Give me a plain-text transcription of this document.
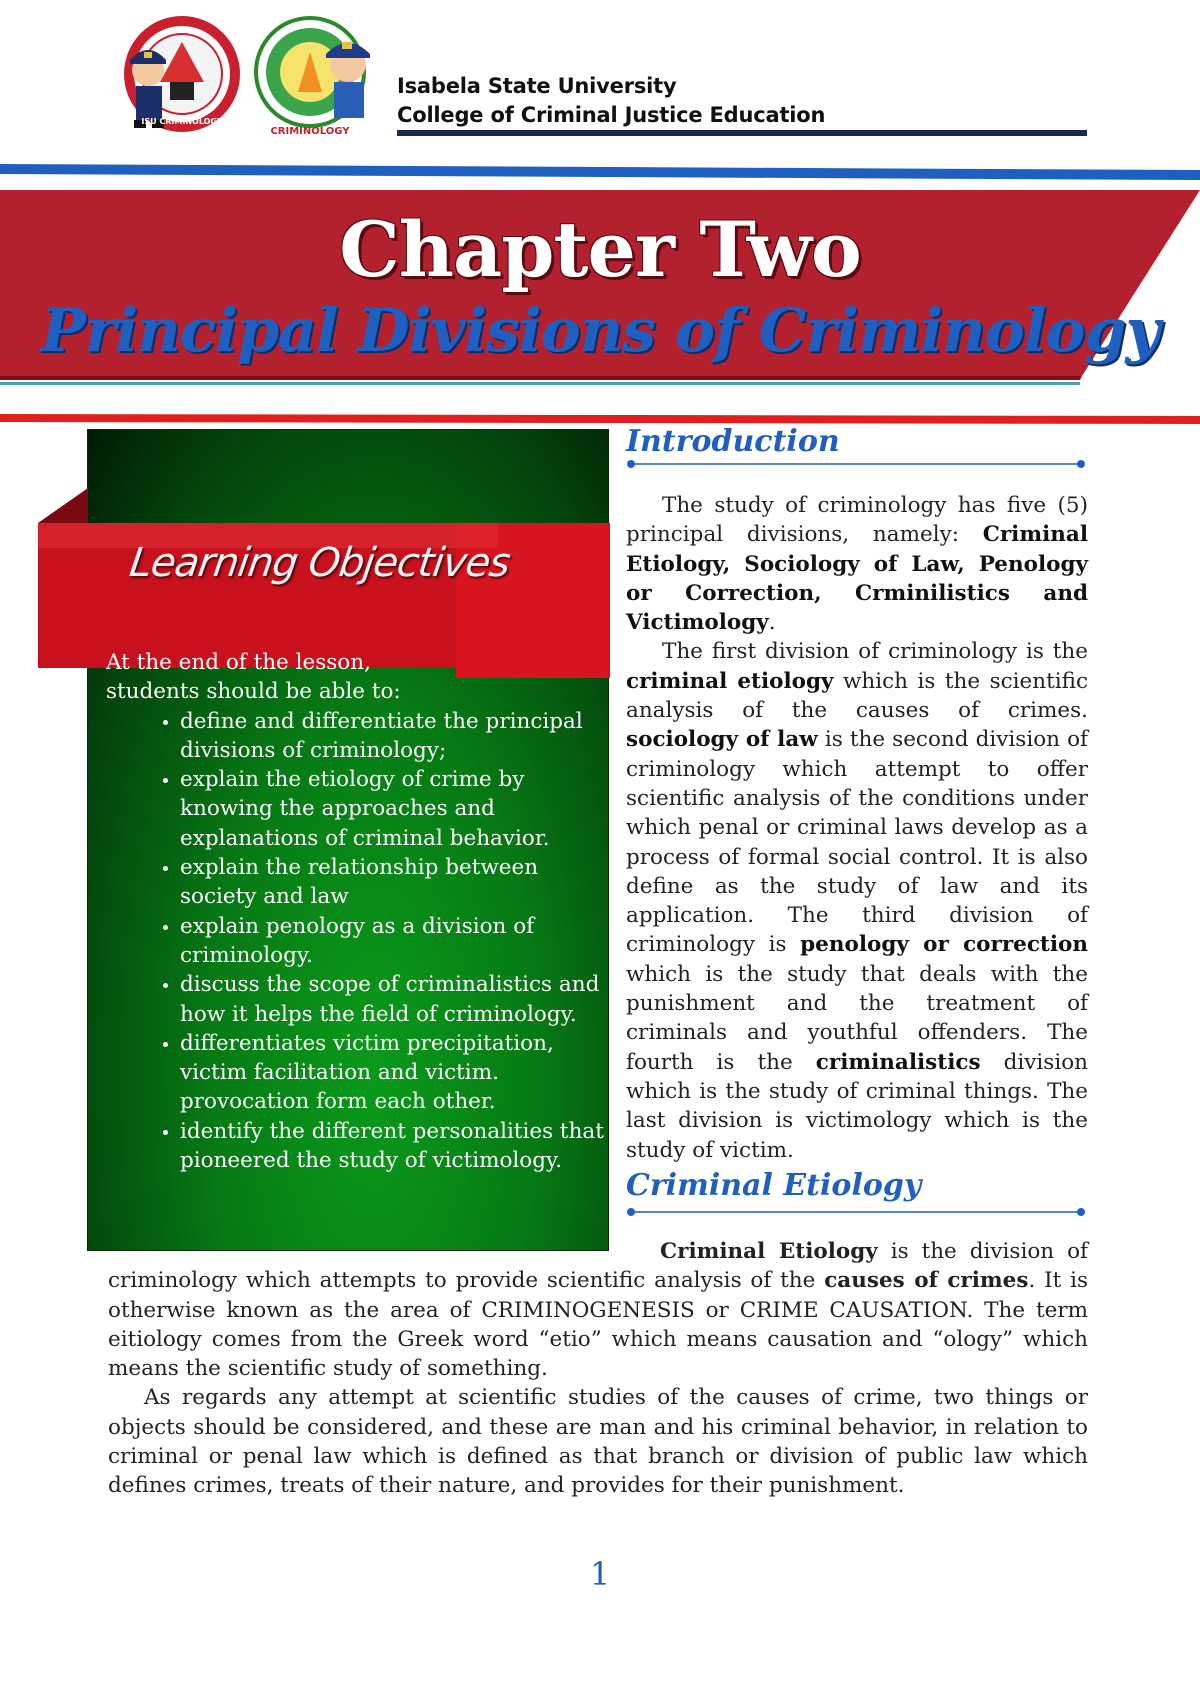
ISU CRIMINOLOGY
CRIMINOLOGY
Isabela State University
College of Criminal Justice Education
Chapter Two
Principal Divisions of Criminology
Learning Objectives
At the end of the lesson,
students should be able to:
• define and differentiate the principal divisions of criminology;
• explain the etiology of crime by knowing the approaches and explanations of criminal behavior.
• explain the relationship between society and law
• explain penology as a division of criminology.
• discuss the scope of criminalistics and how it helps the field of criminology.
• differentiates victim precipitation, victim facilitation and victim. provocation form each other.
• identify the different personalities that pioneered the study of victimology.
Introduction

The study of criminology has five (5) principal divisions, namely: Criminal Etiology, Sociology of Law, Penology or Correction, Crminilistics and Victimology.

The first division of criminology is the criminal etiology which is the scientific analysis of the causes of crimes. sociology of law is the second division of criminology which attempt to offer scientific analysis of the conditions under which penal or criminal laws develop as a process of formal social control. It is also define as the study of law and its application. The third division of criminology is penology or correction which is the study that deals with the punishment and the treatment of criminals and youthful offenders. The fourth is the criminalistics division which is the study of criminal things. The last division is victimology which is the study of victim.

Criminal Etiology

Criminal Etiology is the division of criminology which attempts to provide scientific analysis of the causes of crimes. It is otherwise known as the area of CRIMINOGENESIS or CRIME CAUSATION. The term eitiology comes from the Greek word “etio” which means causation and “ology” which means the scientific study of something.

As regards any attempt at scientific studies of the causes of crime, two things or objects should be considered, and these are man and his criminal behavior, in relation to criminal or penal law which is defined as that branch or division of public law which defines crimes, treats of their nature, and provides for their punishment.

1
